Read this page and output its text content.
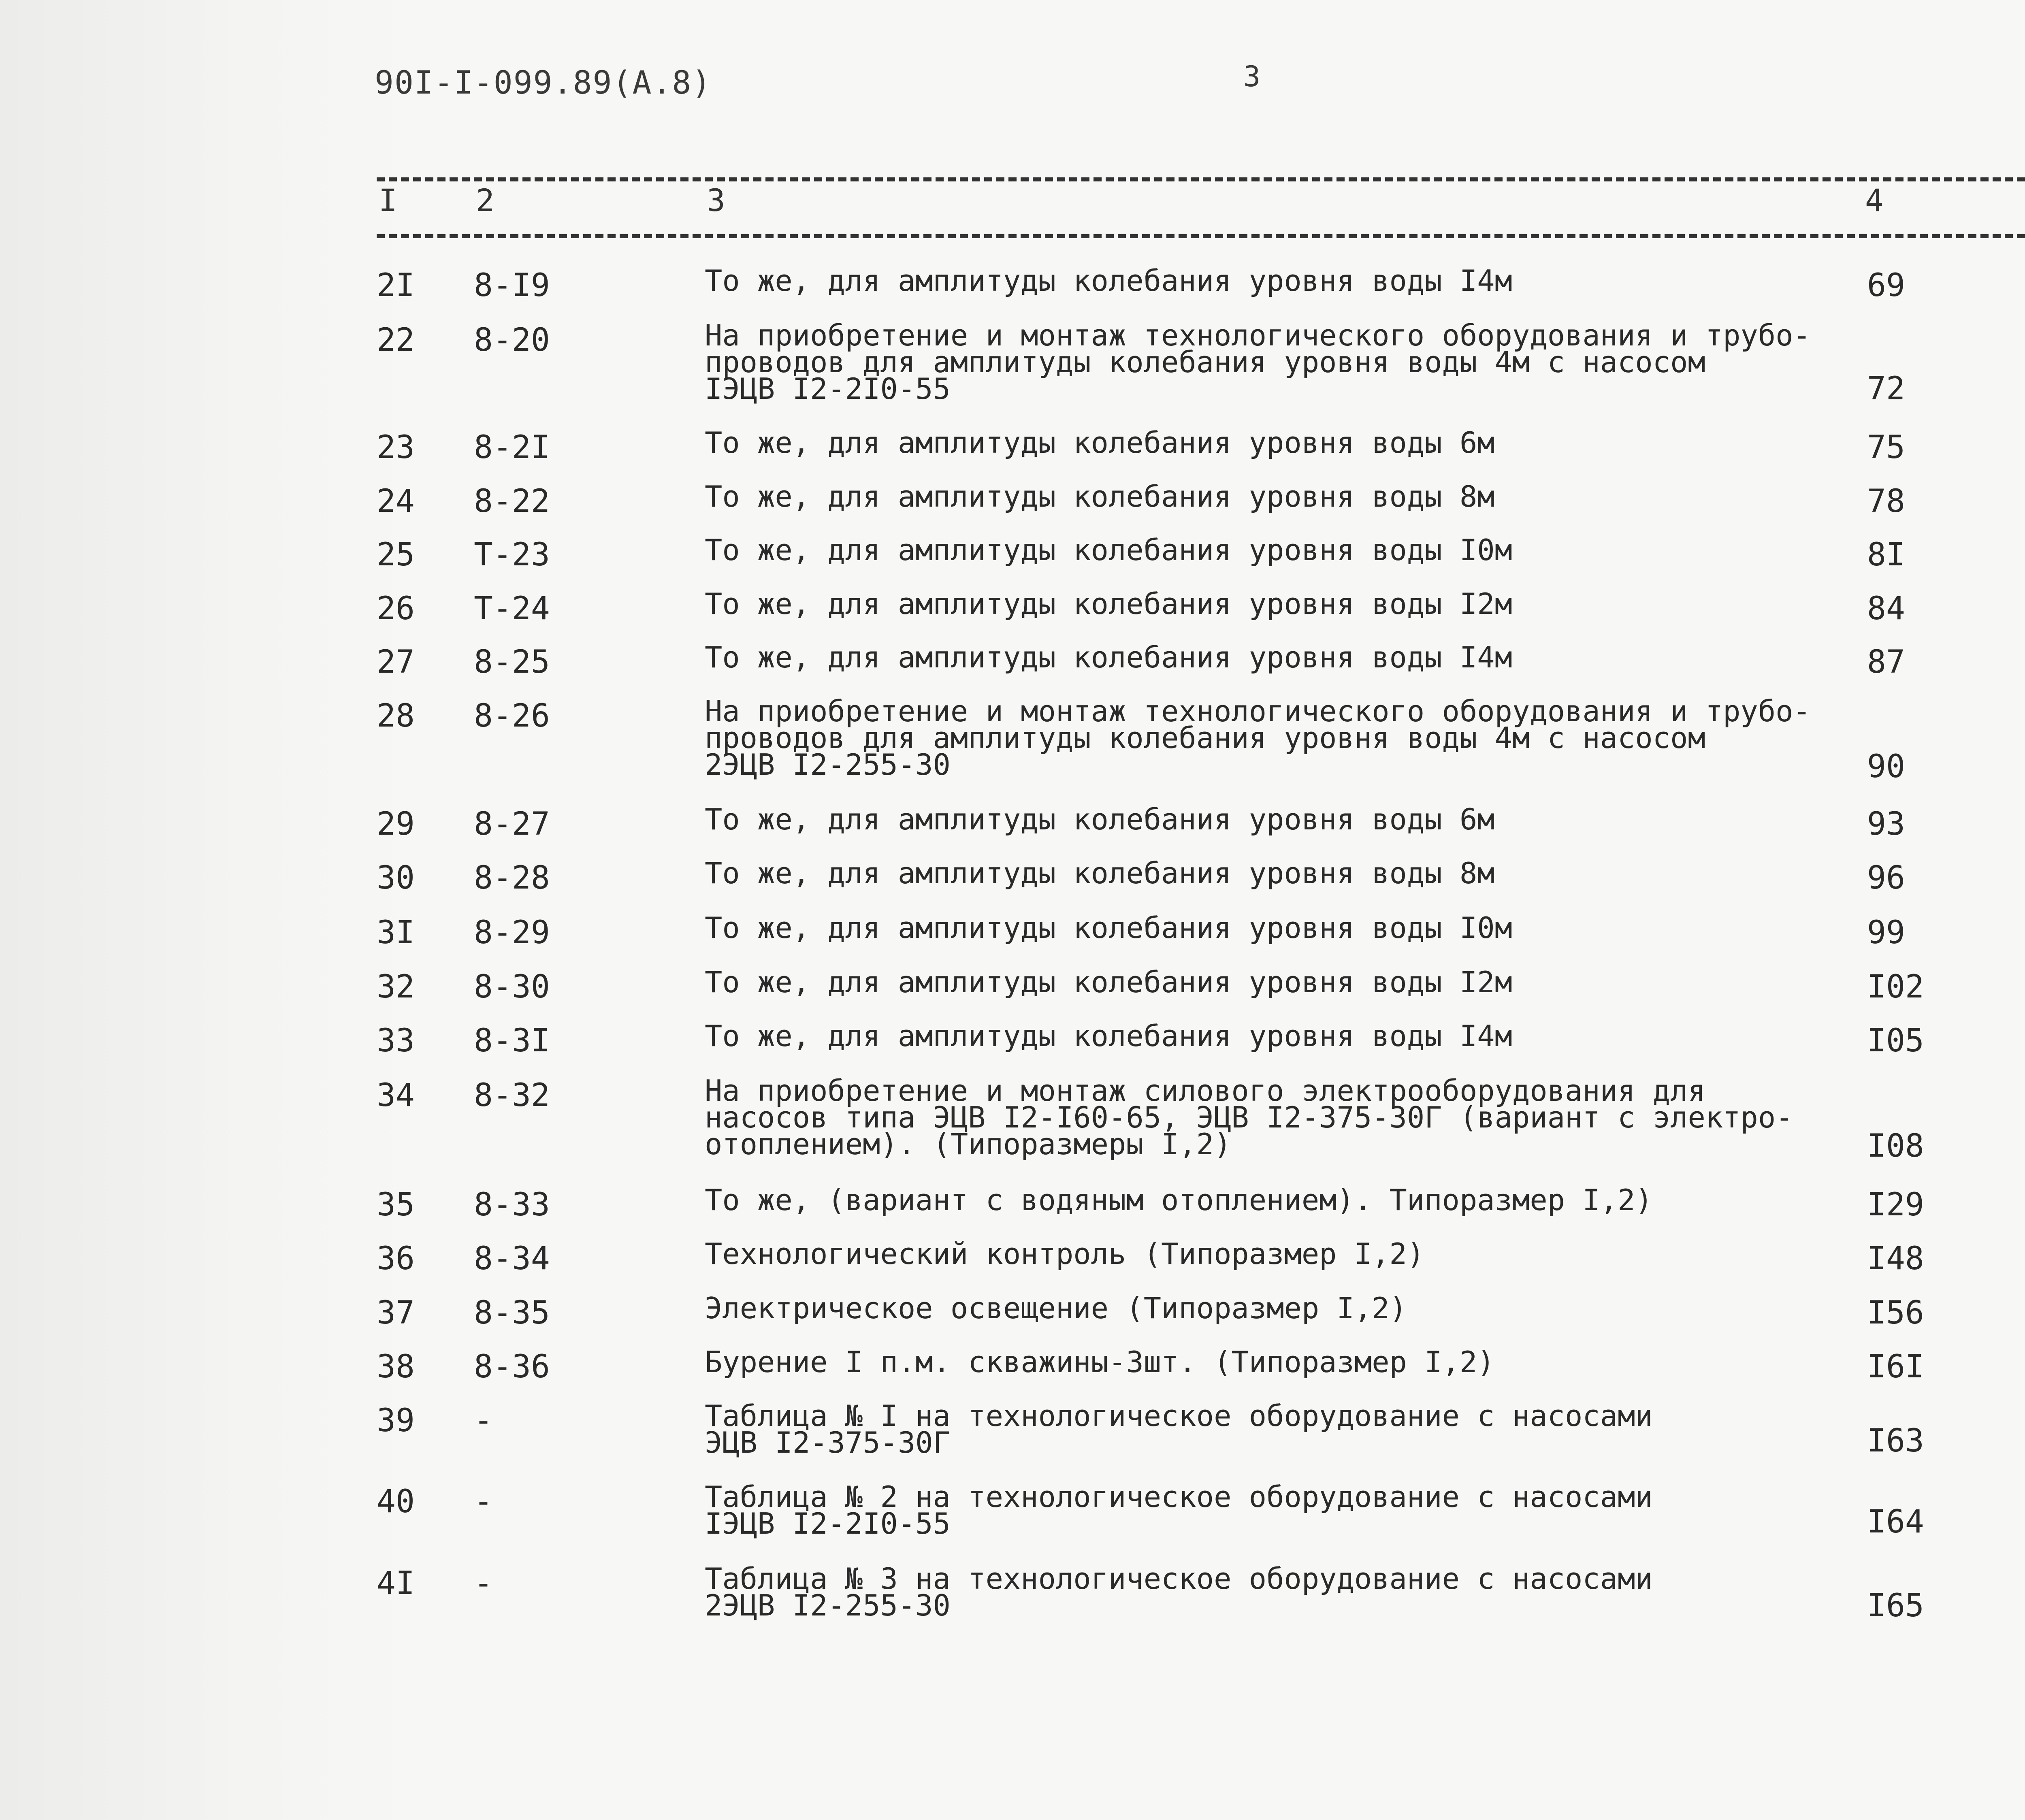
90I-I-099.89(А.8)	3
I	2	3	4
2I 8-I9	То же, для амплитуды колебания уровня воды I4м	69
22 8-20	На приобретение и монтаж технологического оборудования и трубо-
проводов для амплитуды колебания уровня воды 4м с насосом
IЭЦВ I2-2I0-55	72
23 8-2I	То же, для амплитуды колебания уровня воды 6м	75
24 8-22	То же, для амплитуды колебания уровня воды 8м	78
25 Т-23	То же, для амплитуды колебания уровня воды I0м	8I
26 Т-24	То же, для амплитуды колебания уровня воды I2м	84
27 8-25	То же, для амплитуды колебания уровня воды I4м	87
28 8-26	На приобретение и монтаж технологического оборудования и трубо-
проводов для амплитуды колебания уровня воды 4м с насосом
2ЭЦВ I2-255-30	90
29 8-27	То же, для амплитуды колебания уровня воды 6м	93
30 8-28	То же, для амплитуды колебания уровня воды 8м	96
3I 8-29	То же, для амплитуды колебания уровня воды I0м	99
32 8-30	То же, для амплитуды колебания уровня воды I2м	I02
33 8-3I	То же, для амплитуды колебания уровня воды I4м	I05
34 8-32	На приобретение и монтаж силового электрооборудования для
насосов типа ЭЦВ I2-I60-65, ЭЦВ I2-375-30Г (вариант с электро-
отоплением). (Типоразмеры I,2)	I08
35 8-33	То же, (вариант с водяным отоплением). Типоразмер I,2)	I29
36 8-34	Технологический контроль (Типоразмер I,2)	I48
37 8-35	Электрическое освещение (Типоразмер I,2)	I56
38 8-36	Бурение I п.м. скважины-3шт. (Типоразмер I,2)	I6I
39 -	Таблица № I на технологическое оборудование с насосами
ЭЦВ I2-375-30Г	I63
40 -	Таблица № 2 на технологическое оборудование с насосами
IЭЦВ I2-2I0-55	I64
4I -	Таблица № 3 на технологическое оборудование с насосами
2ЭЦВ I2-255-30	I65
